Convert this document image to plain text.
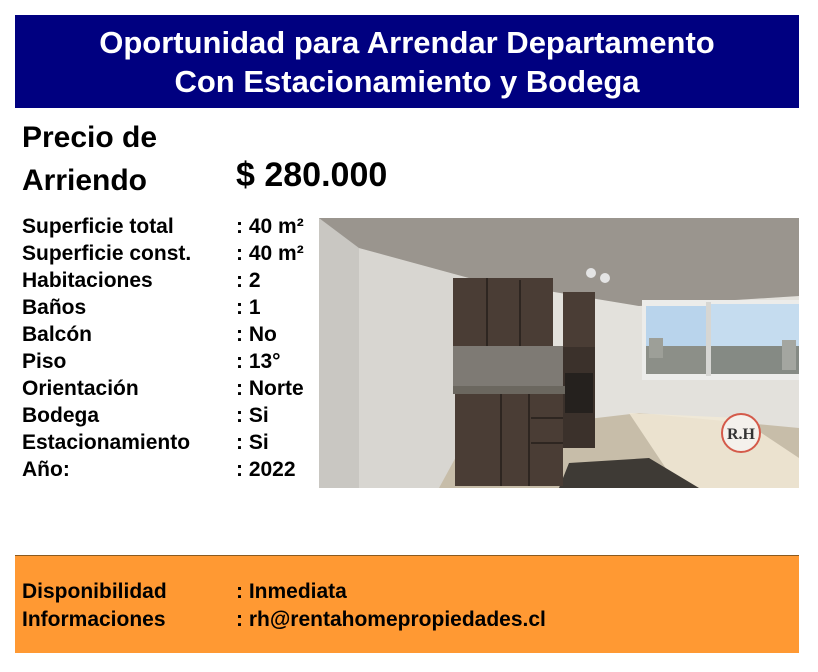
Oportunidad para Arrendar Departamento
Con Estacionamiento y Bodega
Precio de
Arriendo	$ 280.000
Superficie total	: 40 m²
Superficie const.	: 40 m²
Habitaciones	: 2
Baños	: 1
Balcón	: No
Piso	: 13°
Orientación	: Norte
Bodega	: Si
Estacionamiento	: Si
Año:	: 2022
R.H
Disponibilidad	: Inmediata
Informaciones	: rh@rentahomepropiedades.cl
